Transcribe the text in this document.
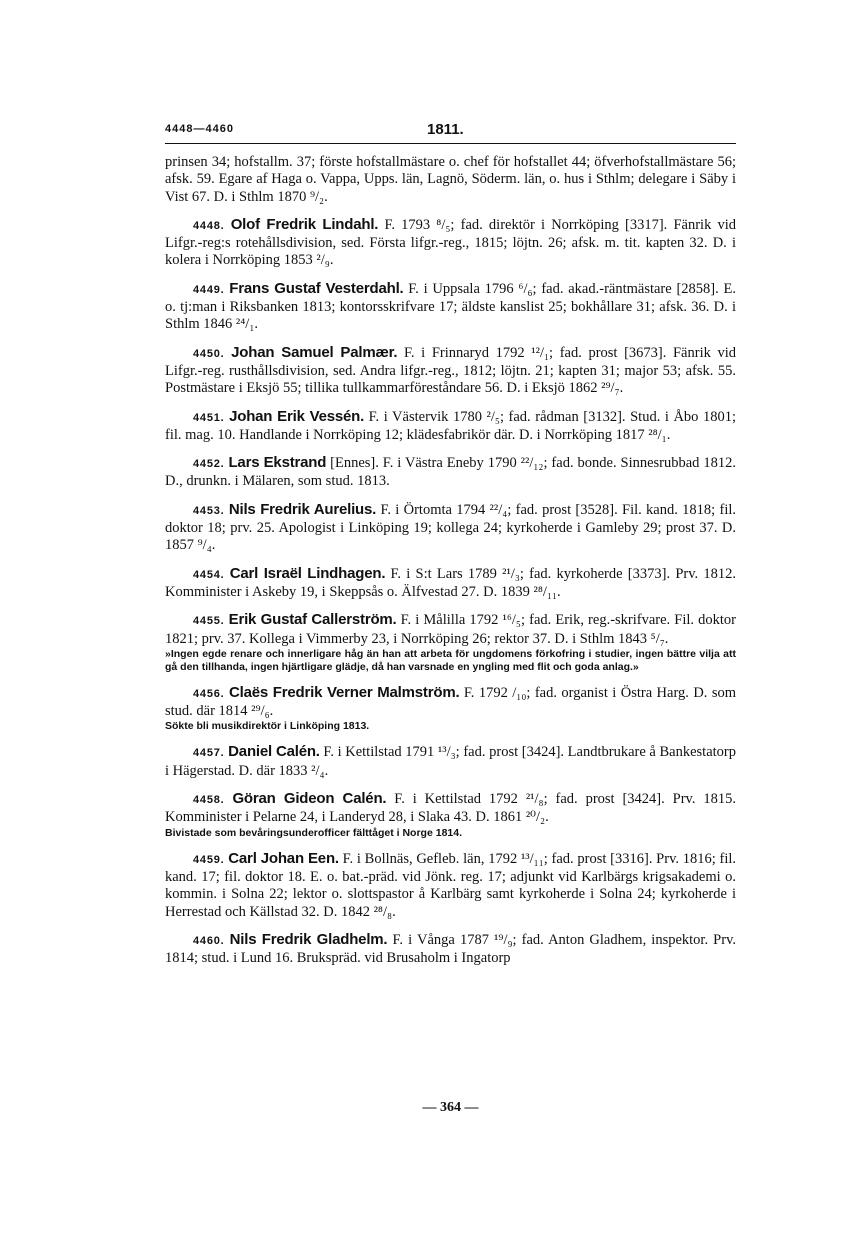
4448—4460	1811.

prinsen 34; hofstallm. 37; förste hofstallmästare o. chef för hofstallet 44; öfverhofstallmästare 56; afsk. 59. Egare af Haga o. Vappa, Upps. län, Lagnö, Söderm. län, o. hus i Sthlm; delegare i Säby i Vist 67. D. i Sthlm 1870 ⁹/₂.

4448. Olof Fredrik Lindahl. F. 1793 ⁸/₅; fad. direktör i Norrköping [3317]. Fänrik vid Lifgr.-reg:s rotehållsdivision, sed. Första lifgr.-reg., 1815; löjtn. 26; afsk. m. tit. kapten 32. D. i kolera i Norrköping 1853 ²/₉.

4449. Frans Gustaf Vesterdahl. F. i Uppsala 1796 ⁶/₆; fad. akad.-räntmästare [2858]. E. o. tj:man i Riksbanken 1813; kontorsskrifvare 17; äldste kanslist 25; bokhållare 31; afsk. 36. D. i Sthlm 1846 ²⁴/₁.

4450. Johan Samuel Palmær. F. i Frinnaryd 1792 ¹²/₁; fad. prost [3673]. Fänrik vid Lifgr.-reg. rusthållsdivision, sed. Andra lifgr.-reg., 1812; löjtn. 21; kapten 31; major 53; afsk. 55. Postmästare i Eksjö 55; tillika tullkammarföreståndare 56. D. i Eksjö 1862 ²⁹/₇.

4451. Johan Erik Vessén. F. i Västervik 1780 ²/₅; fad. rådman [3132]. Stud. i Åbo 1801; fil. mag. 10. Handlande i Norrköping 12; klädesfabrikör där. D. i Norrköping 1817 ²⁸/₁.

4452. Lars Ekstrand [Ennes]. F. i Västra Eneby 1790 ²²/₁₂; fad. bonde. Sinnesrubbad 1812. D., drunkn. i Mälaren, som stud. 1813.

4453. Nils Fredrik Aurelius. F. i Örtomta 1794 ²²/₄; fad. prost [3528]. Fil. kand. 1818; fil. doktor 18; prv. 25. Apologist i Linköping 19; kollega 24; kyrkoherde i Gamleby 29; prost 37. D. 1857 ⁹/₄.

4454. Carl Israël Lindhagen. F. i S:t Lars 1789 ²¹/₃; fad. kyrkoherde [3373]. Prv. 1812. Komminister i Askeby 19, i Skeppsås o. Älfvestad 27. D. 1839 ²⁸/₁₁.

4455. Erik Gustaf Callerström. F. i Målilla 1792 ¹⁶/₅; fad. Erik, reg.-skrifvare. Fil. doktor 1821; prv. 37. Kollega i Vimmerby 23, i Norrköping 26; rektor 37. D. i Sthlm 1843 ⁵/₇.
»Ingen egde renare och innerligare håg än han att arbeta för ungdomens förkofring i studier, ingen bättre vilja att gå den tillhanda, ingen hjärtligare glädje, då han varsnade en yngling med flit och goda anlag.»

4456. Claës Fredrik Verner Malmström. F. 1792 /₁₀; fad. organist i Östra Harg. D. som stud. där 1814 ²⁹/₆.
Sökte bli musikdirektör i Linköping 1813.

4457. Daniel Calén. F. i Kettilstad 1791 ¹³/₃; fad. prost [3424]. Landtbrukare å Bankestatorp i Hägerstad. D. där 1833 ²/₄.

4458. Göran Gideon Calén. F. i Kettilstad 1792 ²¹/₈; fad. prost [3424]. Prv. 1815. Komminister i Pelarne 24, i Landeryd 28, i Slaka 43. D. 1861 ²⁰/₂.
Bivistade som bevåringsunderofficer fälttåget i Norge 1814.

4459. Carl Johan Een. F. i Bollnäs, Gefleb. län, 1792 ¹³/₁₁; fad. prost [3316]. Prv. 1816; fil. kand. 17; fil. doktor 18. E. o. bat.-präd. vid Jönk. reg. 17; adjunkt vid Karlbärgs krigsakademi o. kommin. i Solna 22; lektor o. slottspastor å Karlbärg samt kyrkoherde i Solna 24; kyrkoherde i Herrestad och Källstad 32. D. 1842 ²⁸/₈.

4460. Nils Fredrik Gladhelm. F. i Vånga 1787 ¹⁹/₉; fad. Anton Gladhem, inspektor. Prv. 1814; stud. i Lund 16. Brukspräd. vid Brusaholm i Ingatorp

— 364 —
